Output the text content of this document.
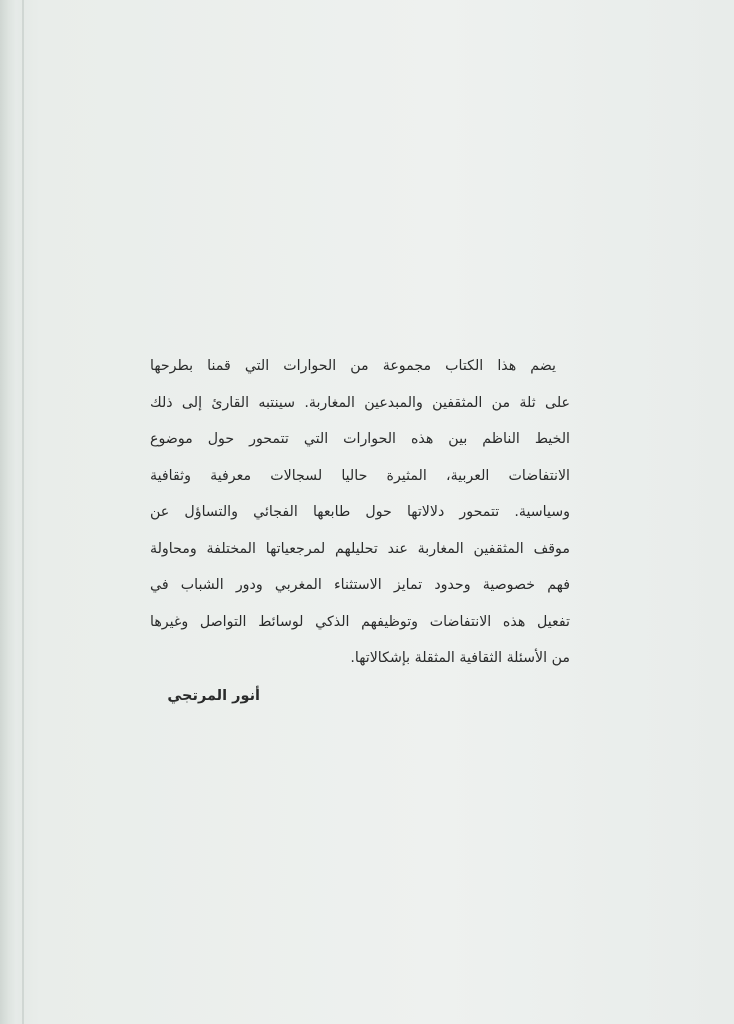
يضم هذا الكتاب مجموعة من الحوارات التي قمنا بطرحها
على ثلة من المثقفين والمبدعين المغاربة. سينتبه القارئ إلى ذلك
الخيط الناظم بين هذه الحوارات التي تتمحور حول موضوع
الانتفاضات العربية، المثيرة حاليا لسجالات معرفية وثقافية
وسياسية. تتمحور دلالاتها حول طابعها الفجائي والتساؤل عن
موقف المثقفين المغاربة عند تحليلهم لمرجعياتها المختلفة ومحاولة
فهم خصوصية وحدود تمايز الاستثناء المغربي ودور الشباب في
تفعيل هذه الانتفاضات وتوظيفهم الذكي لوسائط التواصل وغيرها
من الأسئلة الثقافية المثقلة بإشكالاتها.
أنور المرتجي
